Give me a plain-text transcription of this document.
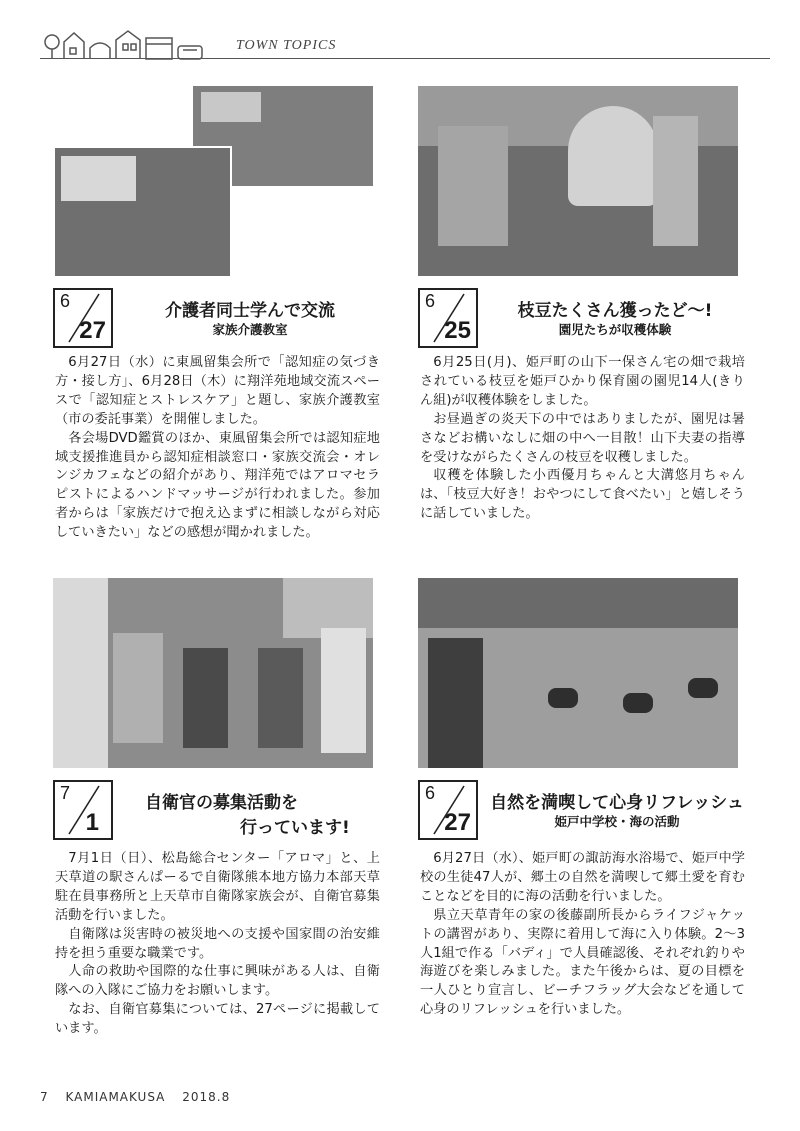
TOWN TOPICS
6
27
介護者同士学んで交流
家族介護教室

6月27日（水）に東風留集会所で「認知症の気づき方・接し方」、6月28日（木）に翔洋苑地域交流スペースで「認知症とストレスケア」と題し、家族介護教室（市の委託事業）を開催しました。

各会場DVD鑑賞のほか、東風留集会所では認知症地域支援推進員から認知症相談窓口・家族交流会・オレンジカフェなどの紹介があり、翔洋苑ではアロマセラピストによるハンドマッサージが行われました。参加者からは「家族だけで抱え込まずに相談しながら対応していきたい」などの感想が聞かれました。

6
25
枝豆たくさん獲ったど～!
園児たちが収穫体験

6月25日(月)、姫戸町の山下一保さん宅の畑で栽培されている枝豆を姫戸ひかり保育園の園児14人(きりん組)が収穫体験をしました。

お昼過ぎの炎天下の中ではありましたが、園児は暑さなどお構いなしに畑の中へ一目散！山下夫妻の指導を受けながらたくさんの枝豆を収穫しました。

収穫を体験した小西優月ちゃんと大溝悠月ちゃんは、「枝豆大好き！おやつにして食べたい」と嬉しそうに話していました。

7
1
自衛官の募集活動を
行っています!

7月1日（日）、松島総合センター「アロマ」と、上天草道の駅さんぱーるで自衛隊熊本地方協力本部天草駐在員事務所と上天草市自衛隊家族会が、自衛官募集活動を行いました。

自衛隊は災害時の被災地への支援や国家間の治安維持を担う重要な職業です。

人命の救助や国際的な仕事に興味がある人は、自衛隊への入隊にご協力をお願いします。

なお、自衛官募集については、27ページに掲載しています。

6
27
自然を満喫して心身リフレッシュ
姫戸中学校・海の活動

6月27日（水）、姫戸町の諏訪海水浴場で、姫戸中学校の生徒47人が、郷土の自然を満喫して郷土愛を育むことなどを目的に海の活動を行いました。

県立天草青年の家の後藤副所長からライフジャケットの講習があり、実際に着用して海に入り体験。2～3人1組で作る「バディ」で人員確認後、それぞれ釣りや海遊びを楽しみました。また午後からは、夏の目標を一人ひとり宣言し、ビーチフラッグ大会などを通して心身のリフレッシュを行いました。

7 KAMIAMAKUSA 2018.8
